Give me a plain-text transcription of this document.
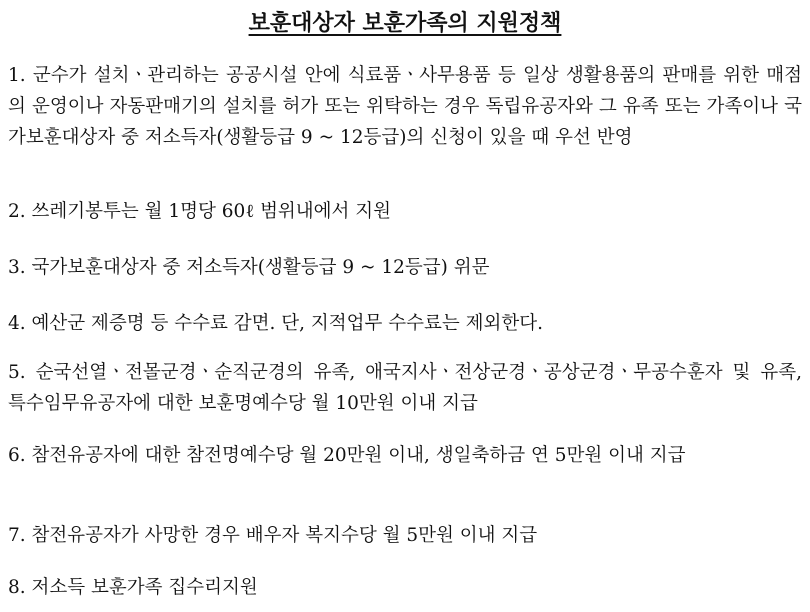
보훈대상자 보훈가족의 지원정책
1. 군수가 설치ㆍ관리하는 공공시설 안에 식료품ㆍ사무용품 등 일상 생활용품의 판매를 위한 매점의 운영이나 자동판매기의 설치를 허가 또는 위탁하는 경우 독립유공자와 그 유족 또는 가족이나 국가보훈대상자 중 저소득자(생활등급 9 ~ 12등급)의 신청이 있을 때 우선 반영
2. 쓰레기봉투는 월 1명당 60ℓ 범위내에서 지원
3. 국가보훈대상자 중 저소득자(생활등급 9 ~ 12등급) 위문
4. 예산군 제증명 등 수수료 감면. 단, 지적업무 수수료는 제외한다.
5. 순국선열ㆍ전몰군경ㆍ순직군경의 유족, 애국지사ㆍ전상군경ㆍ공상군경ㆍ무공수훈자 및 유족, 특수임무유공자에 대한 보훈명예수당 월 10만원 이내 지급
6. 참전유공자에 대한 참전명예수당 월 20만원 이내, 생일축하금 연 5만원 이내 지급
7. 참전유공자가 사망한 경우 배우자 복지수당 월 5만원 이내 지급
8. 저소득 보훈가족 집수리지원
